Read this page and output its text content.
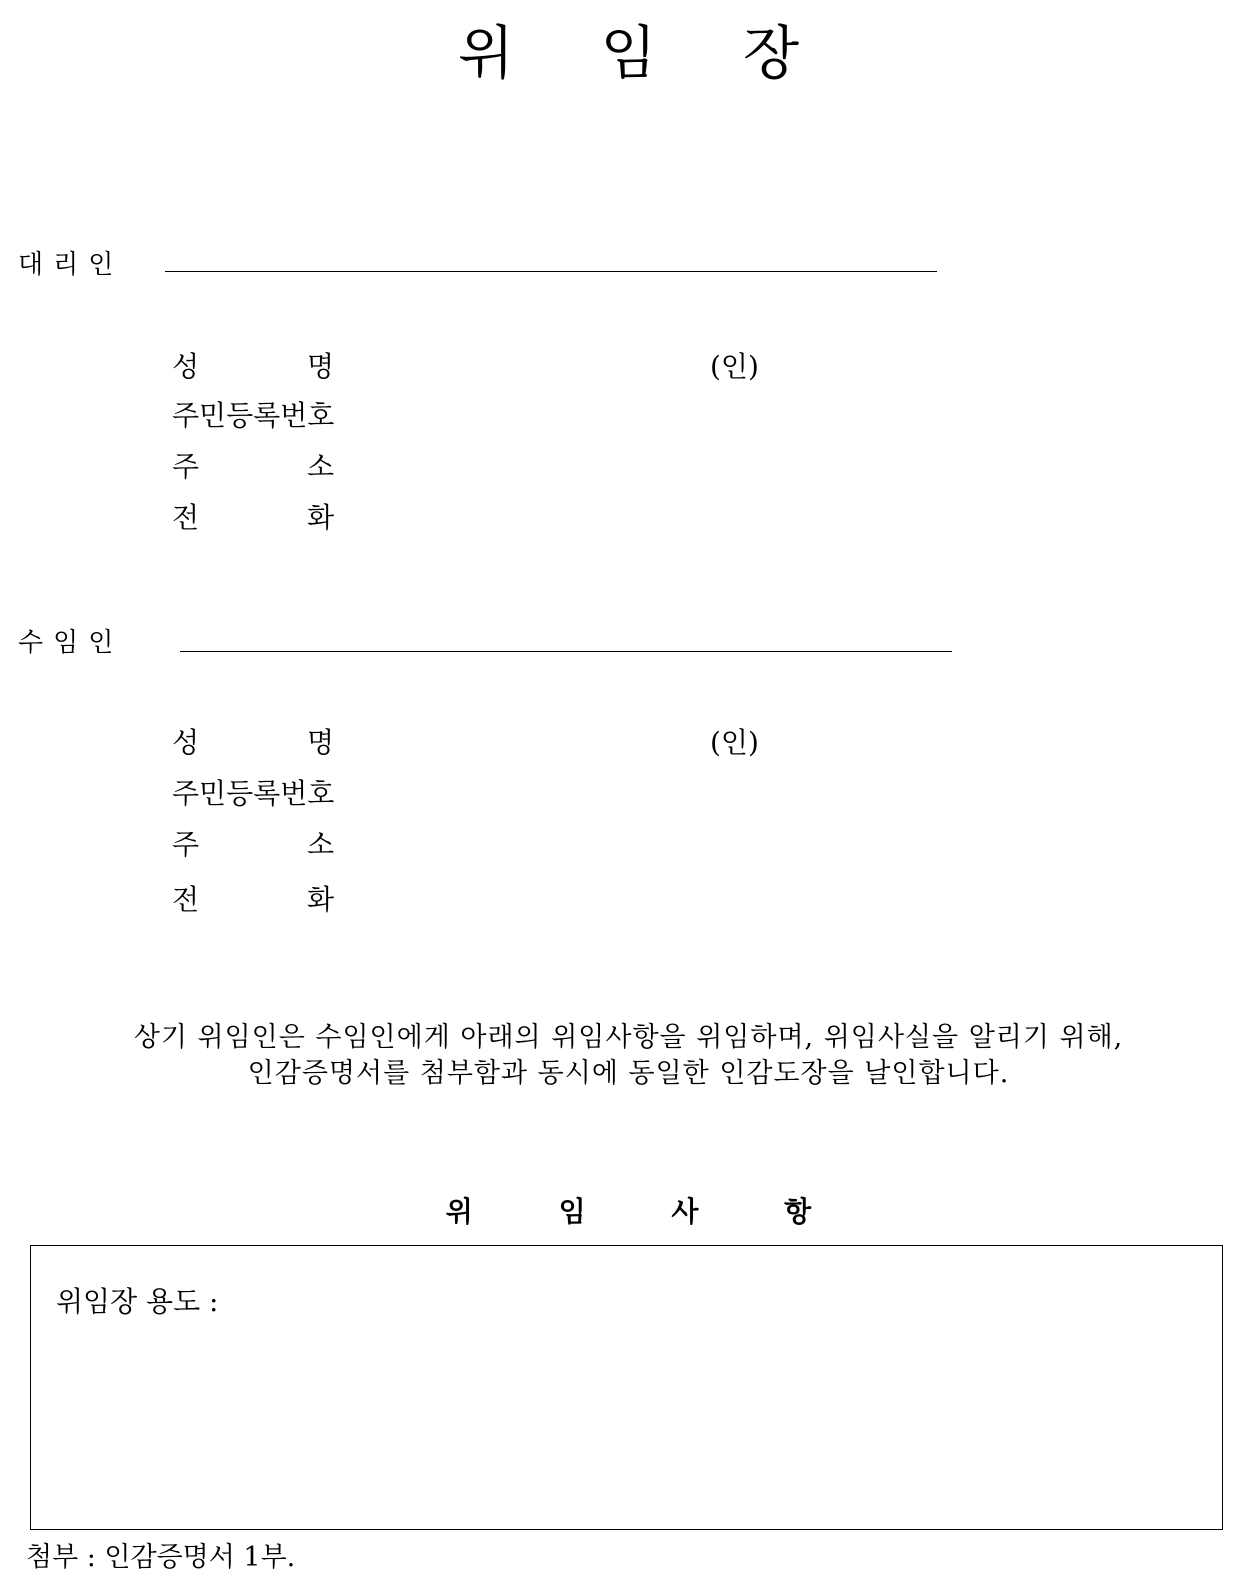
위 임 장
대리인
성	명	(인)
주민등록번호
주	소
전	화
수임인
성	명	(인)
주민등록번호
주	소
전	화
상기 위임인은 수임인에게 아래의 위임사항을 위임하며, 위임사실을 알리기 위해,
인감증명서를 첨부함과 동시에 동일한 인감도장을 날인합니다.
위 임 사 항
위임장 용도 :
첨부 : 인감증명서 1부.
